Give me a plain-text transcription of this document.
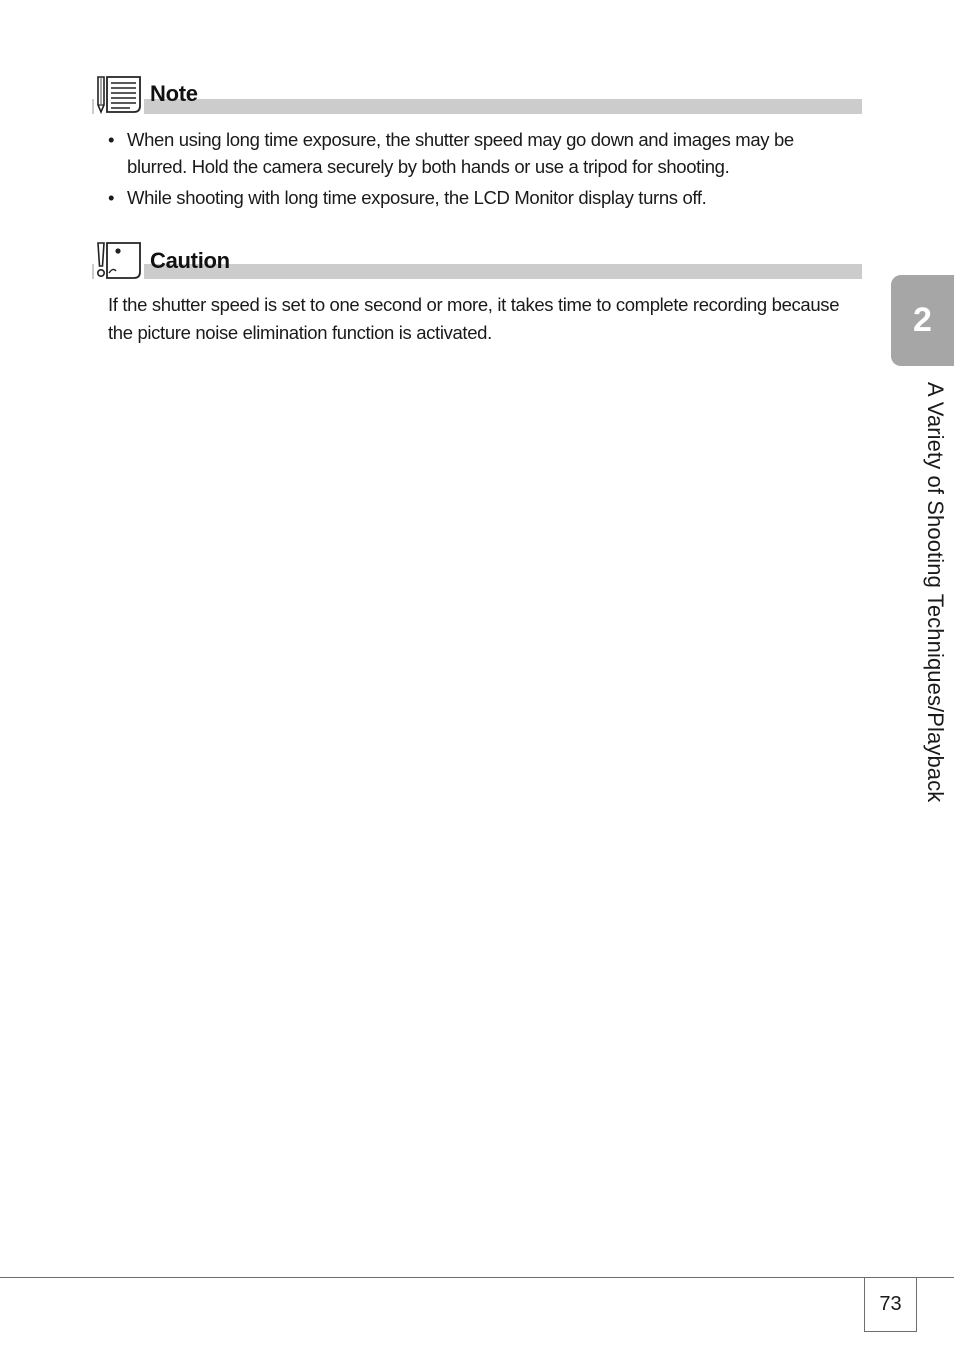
Note
• When using long time exposure, the shutter speed may go down and images may be blurred. Hold the camera securely by both hands or use a tripod for shooting.
• While shooting with long time exposure, the LCD Monitor display turns off.
Caution

If the shutter speed is set to one second or more, it takes time to complete recording because the picture noise elimination function is activated.	2
A Variety of Shooting Techniques/Playback
73
